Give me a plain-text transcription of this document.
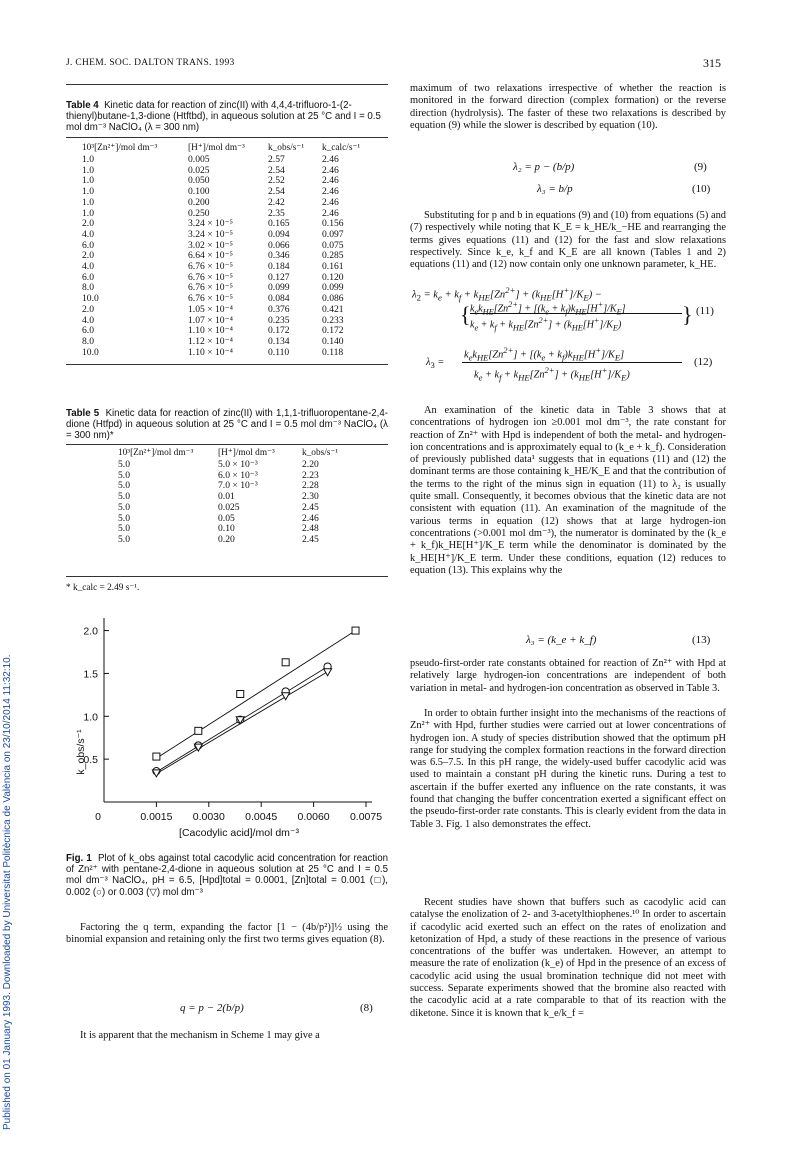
J. CHEM. SOC. DALTON TRANS. 1993	315
Published on 01 January 1993. Downloaded by Universitat Politècnica de València on 23/10/2014 11:32:10.
Table 4 Kinetic data for reaction of zinc(II) with 4,4,4-trifluoro-1-(2-thienyl)butane-1,3-dione (Htftbd), in aqueous solution at 25 °C and I = 0.5 mol dm⁻³ NaClO₄ (λ = 300 nm)
10³[Zn²⁺]/mol dm⁻³	[H⁺]/mol dm⁻³	k_obs/s⁻¹	k_calc/s⁻¹
1.0	0.005	2.57	2.46
1.0	0.025	2.54	2.46
1.0	0.050	2.52	2.46
1.0	0.100	2.54	2.46
1.0	0.200	2.42	2.46
1.0	0.250	2.35	2.46
2.0	3.24 × 10⁻⁵	0.165	0.156
4.0	3.24 × 10⁻⁵	0.094	0.097
6.0	3.02 × 10⁻⁵	0.066	0.075
2.0	6.64 × 10⁻⁵	0.346	0.285
4.0	6.76 × 10⁻⁵	0.184	0.161
6.0	6.76 × 10⁻⁵	0.127	0.120
8.0	6.76 × 10⁻⁵	0.099	0.099
10.0	6.76 × 10⁻⁵	0.084	0.086
2.0	1.05 × 10⁻⁴	0.376	0.421
4.0	1.07 × 10⁻⁴	0.235	0.233
6.0	1.10 × 10⁻⁴	0.172	0.172
8.0	1.12 × 10⁻⁴	0.134	0.140
10.0	1.10 × 10⁻⁴	0.110	0.118
Table 5 Kinetic data for reaction of zinc(II) with 1,1,1-trifluoropentane-2,4-dione (Htfpd) in aqueous solution at 25 °C and I = 0.5 mol dm⁻³ NaClO₄ (λ = 300 nm)*
10³[Zn²⁺]/mol dm⁻³	[H⁺]/mol dm⁻³	k_obs/s⁻¹
5.0	5.0 × 10⁻³	2.20
5.0	6.0 × 10⁻³	2.23
5.0	7.0 × 10⁻³	2.28
5.0	0.01	2.30
5.0	0.025	2.45
5.0	0.05	2.46
5.0	0.10	2.48
5.0	0.20	2.45
* k_calc = 2.49 s⁻¹.
0	0.0015 0.0030 0.0045 0.0060 0.0075
0.5
1.0
1.5
2.0
[Cacodylic acid]/mol dm⁻³
k_obs/s⁻¹
Fig. 1 Plot of k_obs against total cacodylic acid concentration for reaction of Zn²⁺ with pentane-2,4-dione in aqueous solution at 25 °C and I = 0.5 mol dm⁻³ NaClO₄, pH = 6.5, [Hpd]total = 0.0001, [Zn]total = 0.001 (□), 0.002 (○) or 0.003 (▽) mol dm⁻³

Factoring the q term, expanding the factor [1 − (4b/p²)]½ using the binomial expansion and retaining only the first two terms gives equation (8).

q = p − 2(b/p)	(8)

It is apparent that the mechanism in Scheme 1 may give a

maximum of two relaxations irrespective of whether the reaction is monitored in the forward direction (complex formation) or the reverse direction (hydrolysis). The faster of these two relaxations is described by equation (9) while the slower is described by equation (10).

λ₂ = p − (b/p)	(9)
λ₃ = b/p	(10)

Substituting for p and b in equations (9) and (10) from equations (5) and (7) respectively while noting that K_E = k_HE/k_−HE and rearranging the terms gives equations (11) and (12) for the fast and slow relaxations respectively. Since k_e, k_f and K_E are all known (Tables 1 and 2) equations (11) and (12) now contain only one unknown parameter, k_HE.

$\lambda_2 = k_e + k_f + k_{HE}[Zn^{2+}] + (k_{HE}[H^+]/K_E)$ −
{ $k_ek_{HE}[Zn^{2+}] + [(k_e + k_f)k_{HE}[H^+]/K_E]$
$k_e + k_f + k_{HE}[Zn^{2+}] + (k_{HE}[H^+]/K_E)$	} (11)
$\lambda_3$ =
$k_ek_{HE}[Zn^{2+}] + [(k_e + k_f)k_{HE}[H^+]/K_E]$
$k_e + k_f + k_{HE}[Zn^{2+}] + (k_{HE}[H^+]/K_E)$
(12)

An examination of the kinetic data in Table 3 shows that at concentrations of hydrogen ion ≥0.001 mol dm⁻³, the rate constant for reaction of Zn²⁺ with Hpd is independent of both the metal- and hydrogen-ion concentrations and is approximately equal to (k_e + k_f). Consideration of previously published data¹ suggests that in equations (11) and (12) the dominant terms are those containing k_HE/K_E and that the contribution of the terms to the right of the minus sign in equation (11) to λ₂ is usually quite small. Consequently, it becomes obvious that the kinetic data are not consistent with equation (11). An examination of the magnitude of the various terms in equation (12) shows that at large hydrogen-ion concentrations (>0.001 mol dm⁻³), the numerator is dominated by the (k_e + k_f)k_HE[H⁺]/K_E term while the denominator is dominated by the k_HE[H⁺]/K_E term. Under these conditions, equation (12) reduces to equation (13). This explains why the

λ₃ = (k_e + k_f)	(13)

pseudo-first-order rate constants obtained for reaction of Zn²⁺ with Hpd at relatively large hydrogen-ion concentrations are independent of both variation in metal- and hydrogen-ion concentration as observed in Table 3.

In order to obtain further insight into the mechanisms of the reactions of Zn²⁺ with Hpd, further studies were carried out at lower concentrations of hydrogen ion. A study of species distribution showed that the optimum pH range for studying the complex formation reactions in the forward direction was 6.5–7.5. In this pH range, the widely-used buffer cacodylic acid was used to maintain a constant pH during the kinetic runs. During a test to ascertain if the buffer exerted any influence on the rate constants, it was found that changing the buffer concentration exerted a significant effect on the pseudo-first-order rate constants. This is clearly evident from the data in Table 3. Fig. 1 also demonstrates the effect.

Recent studies have shown that buffers such as cacodylic acid can catalyse the enolization of 2- and 3-acetylthiophenes.¹⁰ In order to ascertain if cacodylic acid exerted such an effect on the rates of enolization and ketonization of Hpd, a study of these reactions in the presence of various concentrations of the buffer was undertaken. However, an attempt to measure the rate of enolization (k_e) of Hpd in the presence of an excess of cacodylic acid using the usual bromination technique did not meet with success. Separate experiments showed that the bromine also reacted with the cacodylic acid at a rate comparable to that of its reaction with the diketone. Since it is known that k_e/k_f =
